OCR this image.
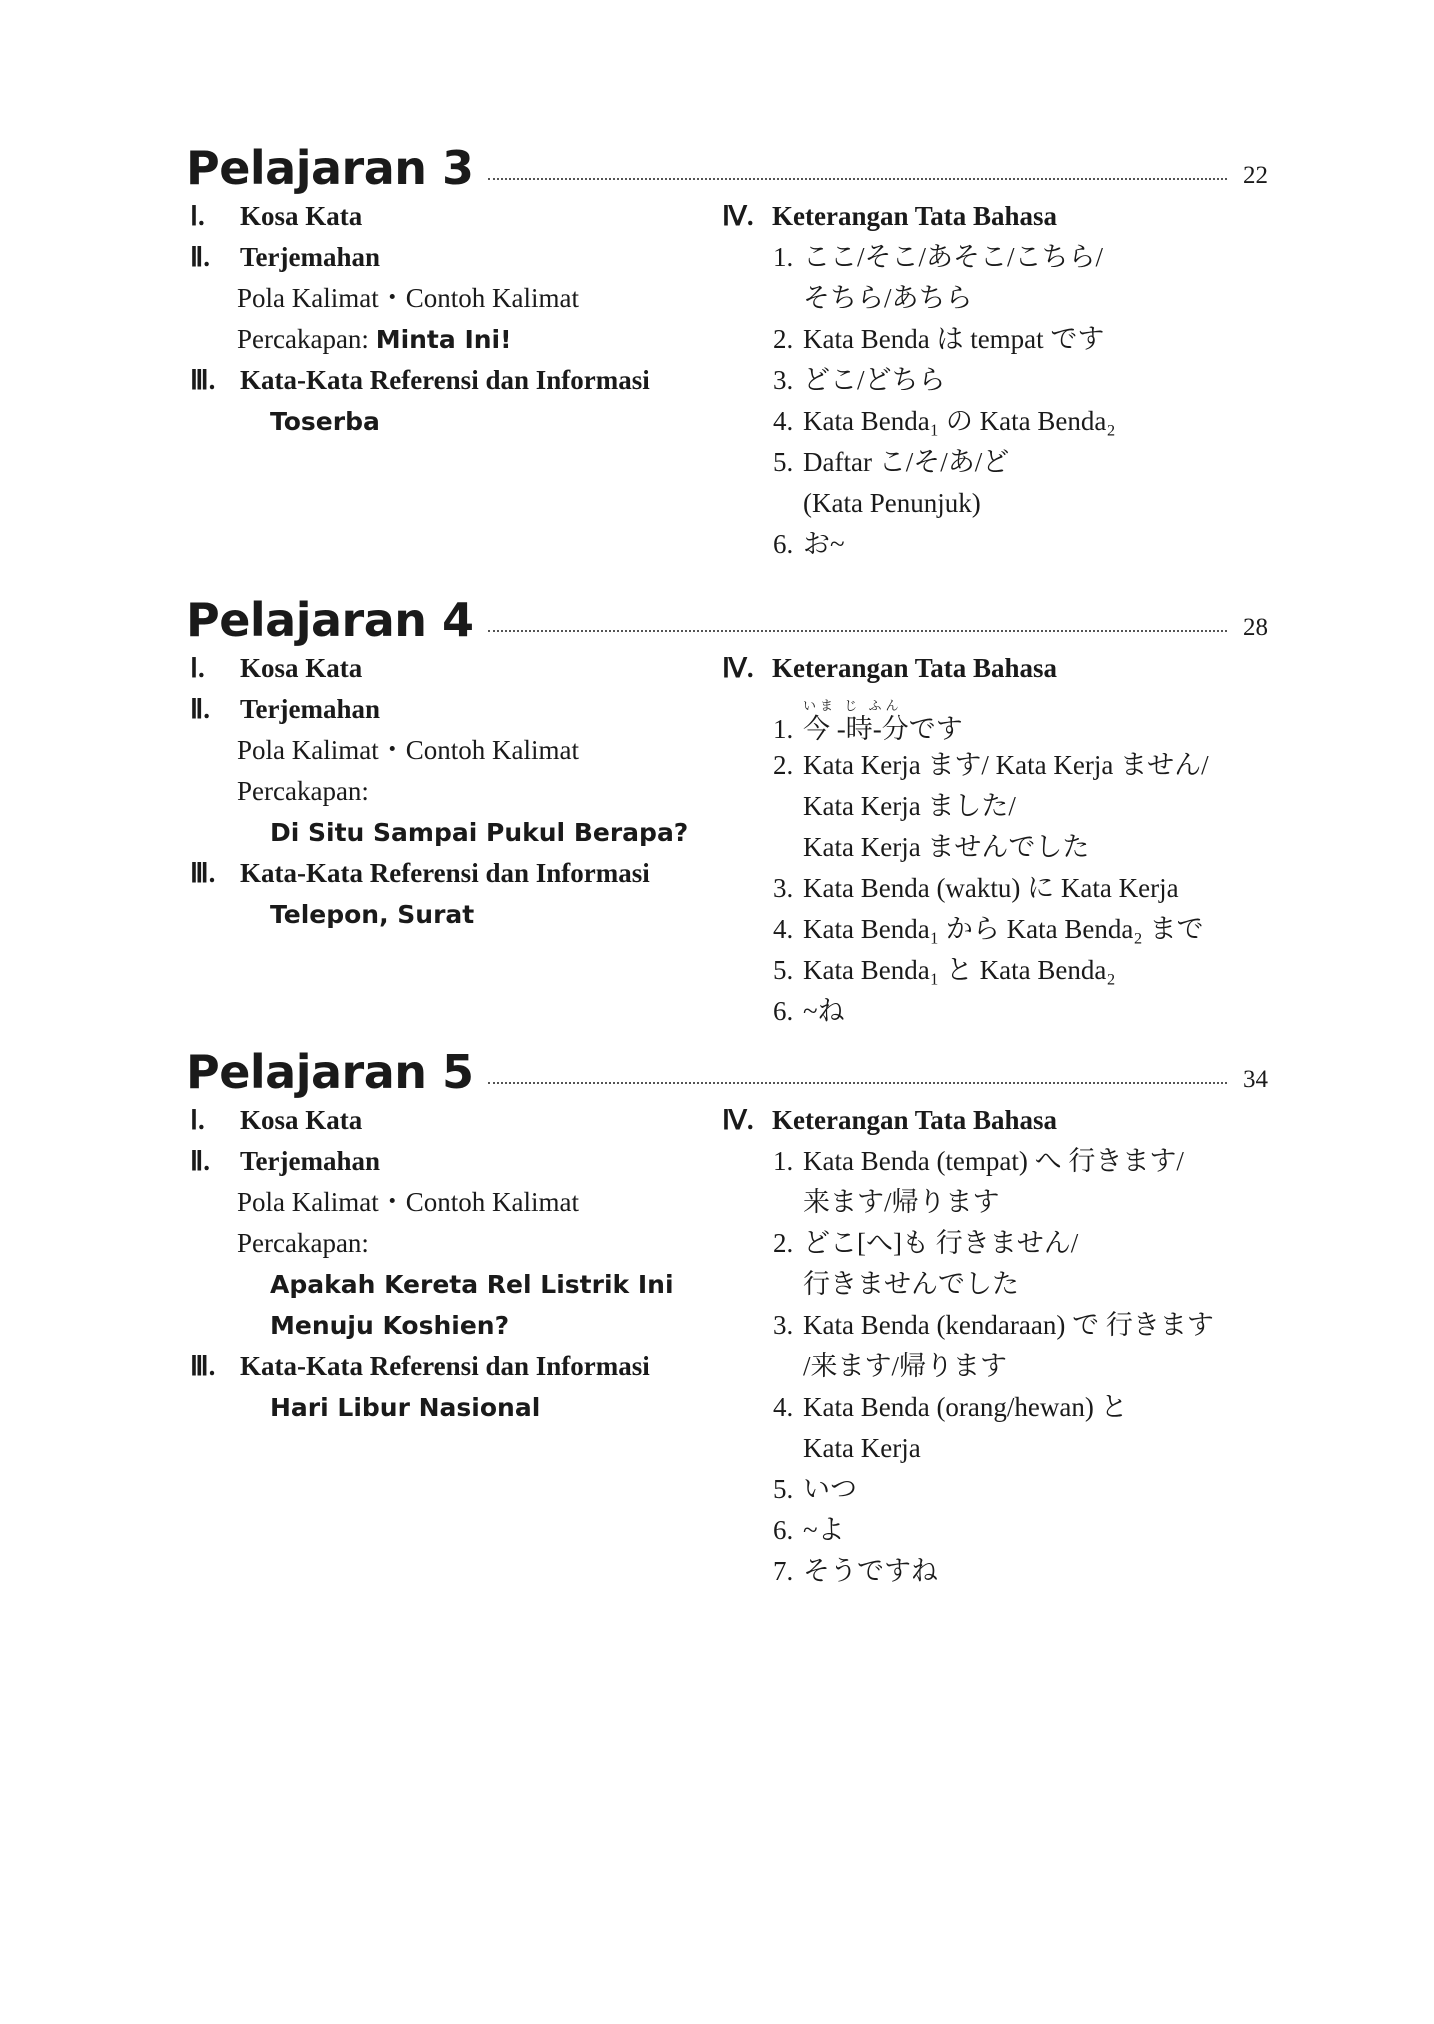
Pelajaran 3	22
Ⅰ. Kosa Kata
Ⅱ. Terjemahan
Pola Kalimat・Contoh Kalimat
Percakapan: Minta Ini!
Ⅲ. Kata-Kata Referensi dan Informasi
Toserba
Ⅳ. Keterangan Tata Bahasa
1. ここ/そこ/あそこ/こちら/
そちら/あちら
2. Kata Benda は tempat です
3. どこ/どちら
4. Kata Benda₁ の Kata Benda₂
5. Daftar こ/そ/あ/ど
(Kata Penunjuk)
6. お~
Pelajaran 4	28
Ⅰ. Kosa Kata
Ⅱ. Terjemahan
Pola Kalimat・Contoh Kalimat
Percakapan:
Di Situ Sampai Pukul Berapa?
Ⅲ. Kata-Kata Referensi dan Informasi
Telepon, Surat
Ⅳ. Keterangan Tata Bahasa
いま じ ふん
1. 今 -時-分です
2. Kata Kerja ます/ Kata Kerja ません/
Kata Kerja ました/
Kata Kerja ませんでした
3. Kata Benda (waktu) に Kata Kerja
4. Kata Benda₁ から Kata Benda₂ まで
5. Kata Benda₁ と Kata Benda₂
6. ~ね
Pelajaran 5	34
Ⅰ. Kosa Kata
Ⅱ. Terjemahan
Pola Kalimat・Contoh Kalimat
Percakapan:
Apakah Kereta Rel Listrik Ini
Menuju Koshien?
Ⅲ. Kata-Kata Referensi dan Informasi
Hari Libur Nasional
Ⅳ. Keterangan Tata Bahasa
1. Kata Benda (tempat) へ 行きます/
来ます/帰ります
2. どこ[へ]も 行きません/
行きませんでした
3. Kata Benda (kendaraan) で 行きます
/来ます/帰ります
4. Kata Benda (orang/hewan) と
Kata Kerja
5. いつ
6. ~よ
7. そうですね
